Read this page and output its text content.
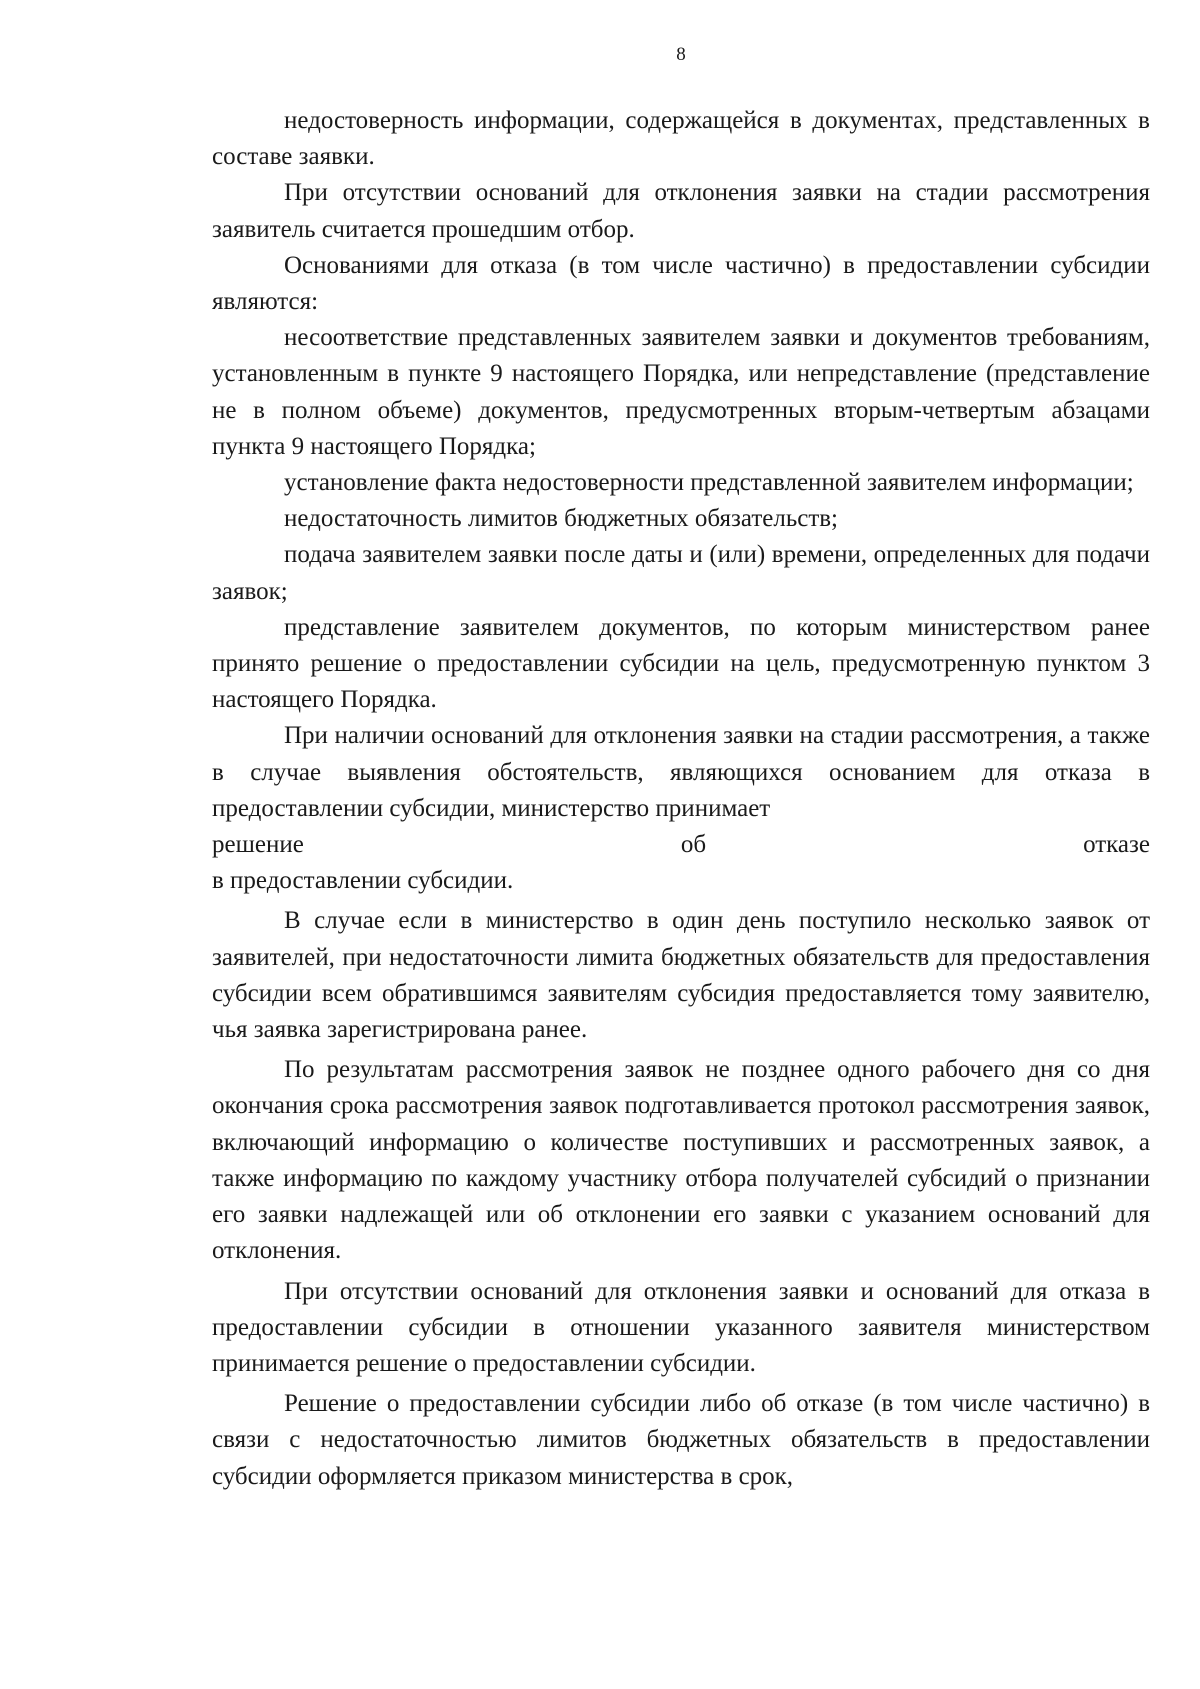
8

недостоверность информации, содержащейся в документах, представленных в составе заявки.

При отсутствии оснований для отклонения заявки на стадии рассмотрения заявитель считается прошедшим отбор.

Основаниями для отказа (в том числе частично) в предоставлении субсидии являются:

несоответствие представленных заявителем заявки и документов требованиям, установленным в пункте 9 настоящего Порядка, или непредставление (представление не в полном объеме) документов, предусмотренных вторым-четвертым абзацами пункта 9 настоящего Порядка;

установление факта недостоверности представленной заявителем информации;

недостаточность лимитов бюджетных обязательств;

подача заявителем заявки после даты и (или) времени, определенных для подачи заявок;

представление заявителем документов, по которым министерством ранее принято решение о предоставлении субсидии на цель, предусмотренную пунктом 3 настоящего Порядка.

При наличии оснований для отклонения заявки на стадии рассмотрения, а также в случае выявления обстоятельств, являющихся основанием для отказа в предоставлении субсидии, министерство принимает

решение	об	отказе

в предоставлении субсидии.

В случае если в министерство в один день поступило несколько заявок от заявителей, при недостаточности лимита бюджетных обязательств для предоставления субсидии всем обратившимся заявителям субсидия предоставляется тому заявителю, чья заявка зарегистрирована ранее.

По результатам рассмотрения заявок не позднее одного рабочего дня со дня окончания срока рассмотрения заявок подготавливается протокол рассмотрения заявок, включающий информацию о количестве поступивших и рассмотренных заявок, а также информацию по каждому участнику отбора получателей субсидий о признании его заявки надлежащей или об отклонении его заявки с указанием оснований для отклонения.

При отсутствии оснований для отклонения заявки и оснований для отказа в предоставлении субсидии в отношении указанного заявителя министерством принимается решение о предоставлении субсидии.

Решение о предоставлении субсидии либо об отказе (в том числе частично) в связи с недостаточностью лимитов бюджетных обязательств в предоставлении субсидии оформляется приказом министерства в срок,
